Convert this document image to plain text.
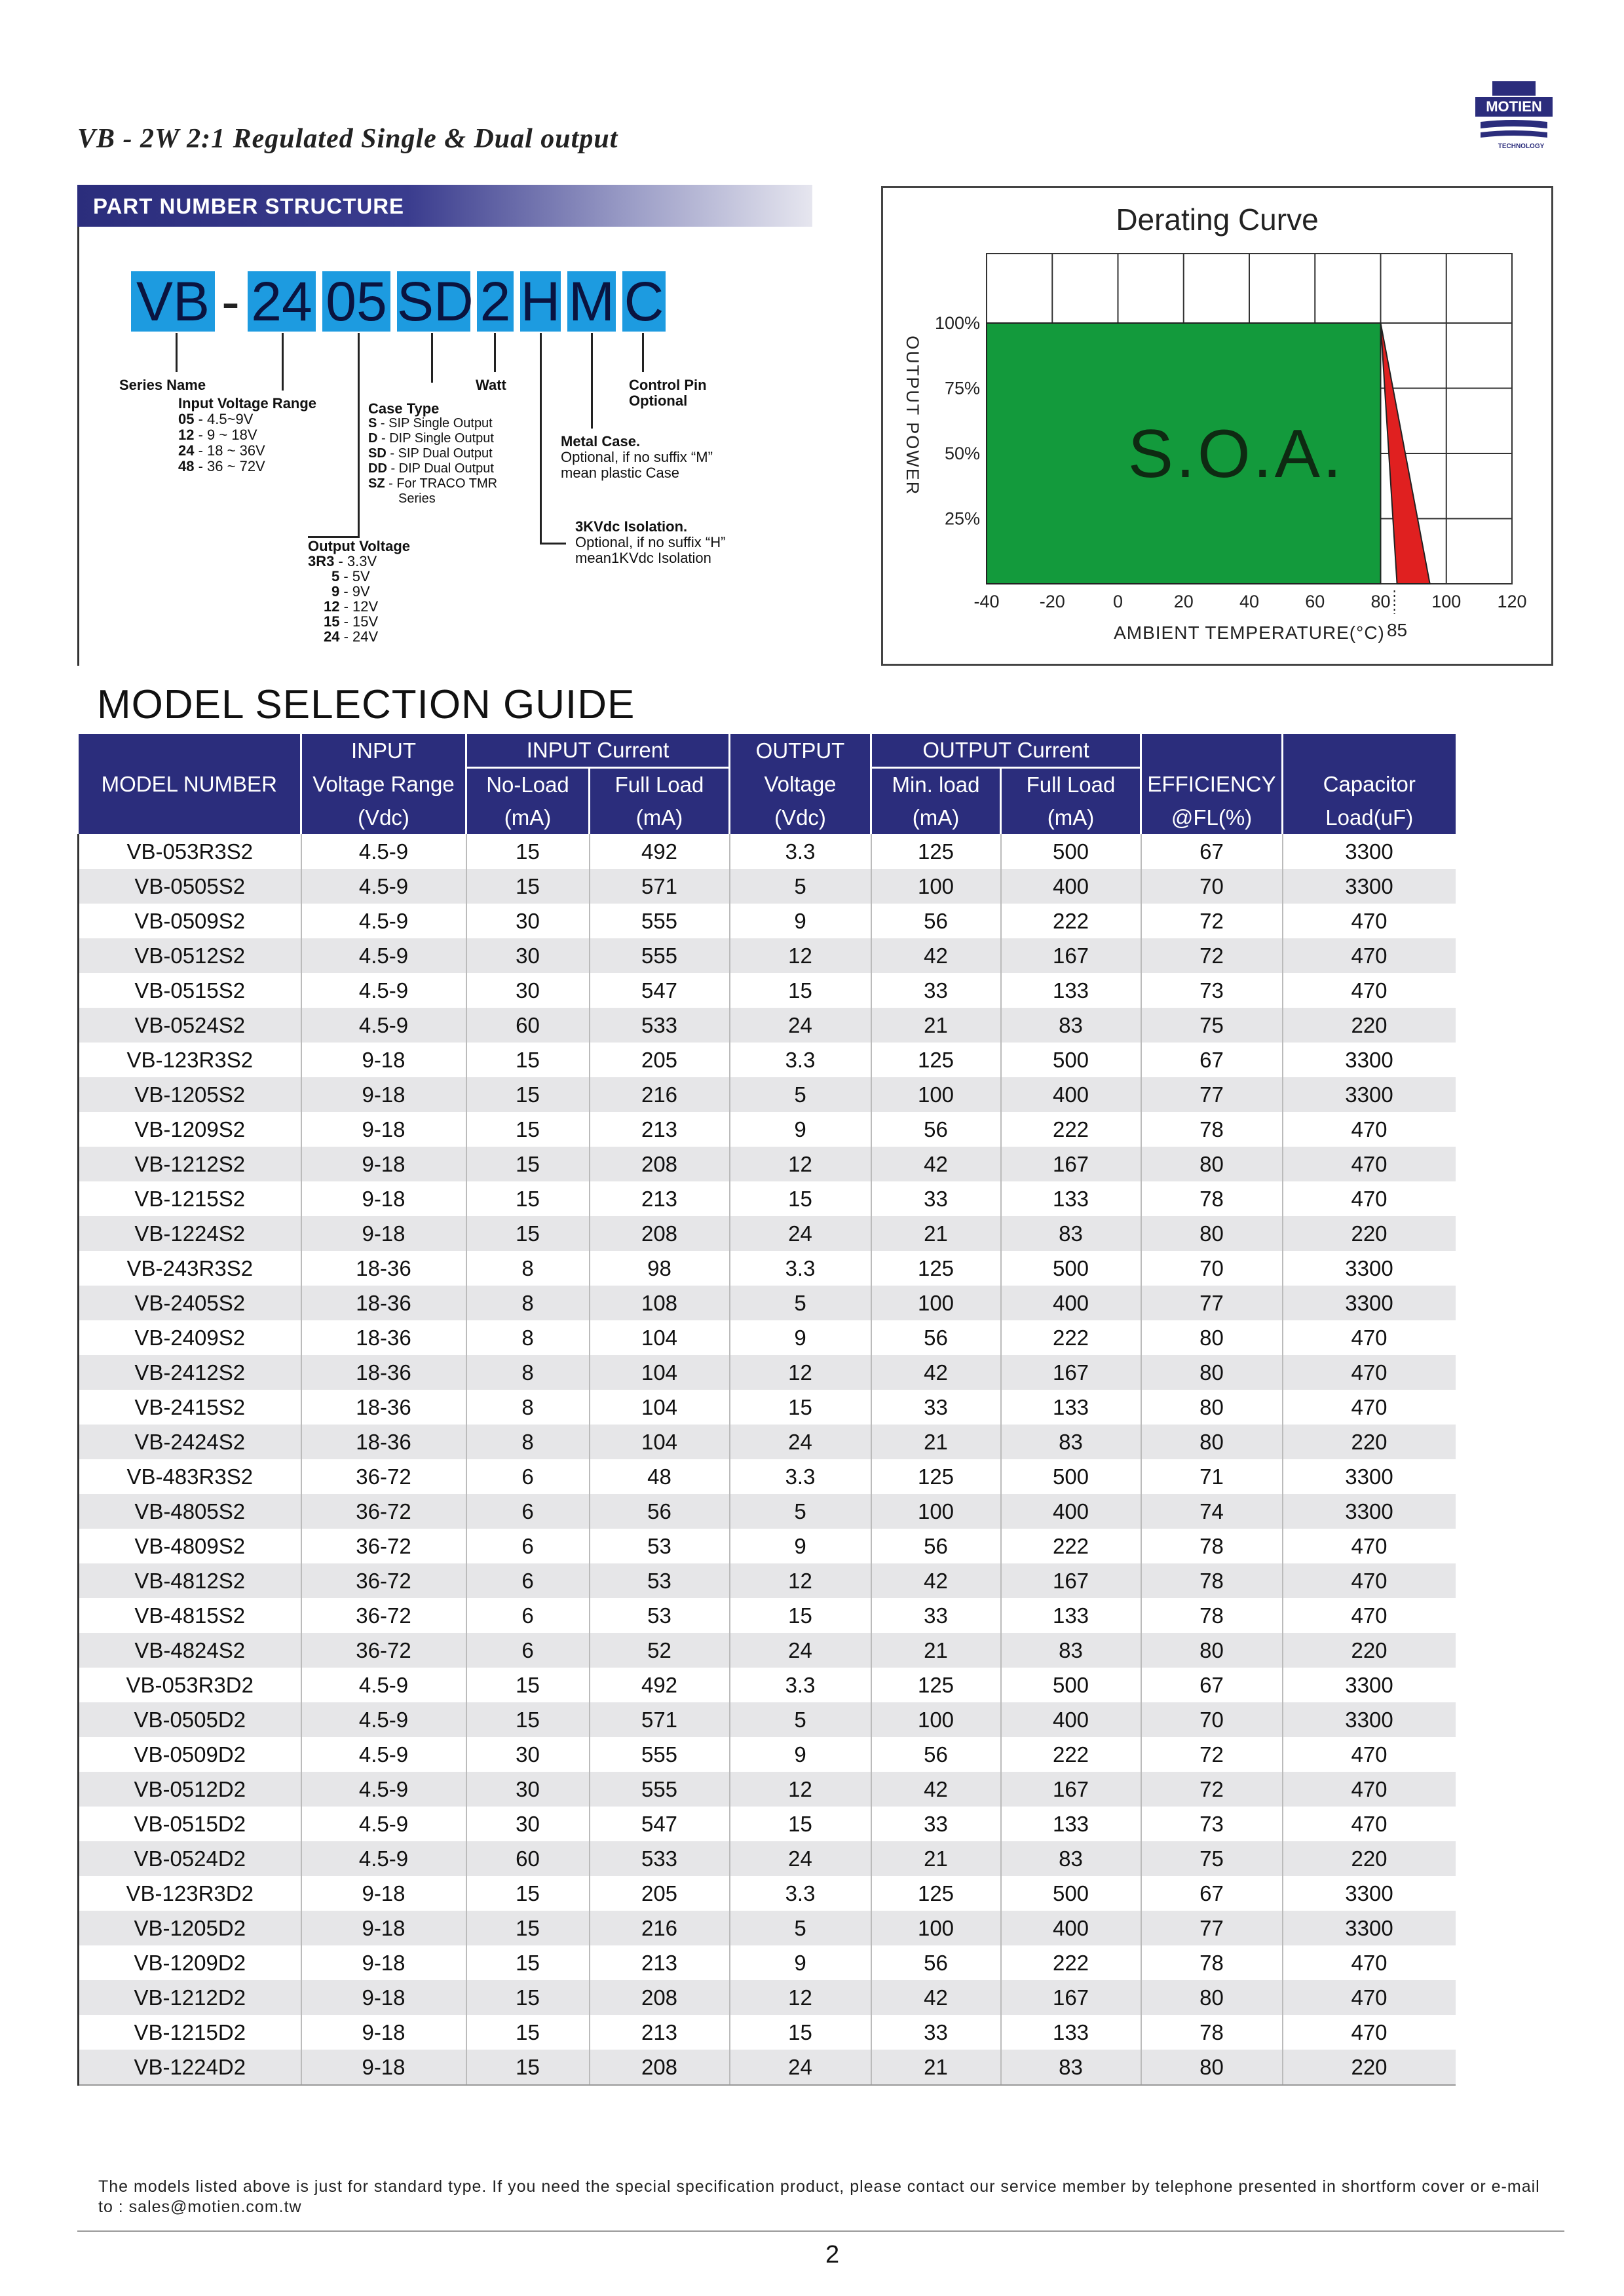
VB - 2W 2:1 Regulated Single & Dual output
MOTIEN
TECHNOLOGY
PART NUMBER STRUCTURE
VB - 24 05 SD 2 H M C
Series Name
Input Voltage Range
05 - 4.5~9V
12 - 9 ~ 18V
24 - 18 ~ 36V
48 - 36 ~ 72V
Case Type
S - SIP Single Output
D - DIP Single Output
SD - SIP Dual Output
DD - DIP Dual Output
SZ - For TRACO TMR
Series
Watt	Control Pin
Optional
Metal Case.
Optional, if no suffix “M”
mean plastic Case
3KVdc Isolation.
Optional, if no suffix “H”
mean1KVdc Isolation
Output Voltage
3R3 - 3.3V
5 - 5V
9 - 9V
12 - 12V
15 - 15V
24 - 24V
Derating Curve
-40 -20	0	20	40	60	80 100 120
25%
50%
75%
100%
S.O.A.
OUTPUT POWER
AMBIENT TEMPERATURE(°C) 85
MODEL SELECTION GUIDE
MODEL NUMBER	INPUT	INPUT Current		OUTPUT	OUTPUT Current			
	Voltage Range	No-Load	Full Load	Voltage	Min. load	Full Load	EFFICIENCY	Capacitor
	(Vdc)	(mA)	(mA)	(Vdc)	(mA)	(mA)	@FL(%)	Load(uF)
VB-053R3S2	4.5-9	15	492	3.3	125	500	67	3300
VB-0505S2	4.5-9	15	571	5	100	400	70	3300
VB-0509S2	4.5-9	30	555	9	56	222	72	470
VB-0512S2	4.5-9	30	555	12	42	167	72	470
VB-0515S2	4.5-9	30	547	15	33	133	73	470
VB-0524S2	4.5-9	60	533	24	21	83	75	220
VB-123R3S2	9-18	15	205	3.3	125	500	67	3300
VB-1205S2	9-18	15	216	5	100	400	77	3300
VB-1209S2	9-18	15	213	9	56	222	78	470
VB-1212S2	9-18	15	208	12	42	167	80	470
VB-1215S2	9-18	15	213	15	33	133	78	470
VB-1224S2	9-18	15	208	24	21	83	80	220
VB-243R3S2	18-36	8	98	3.3	125	500	70	3300
VB-2405S2	18-36	8	108	5	100	400	77	3300
VB-2409S2	18-36	8	104	9	56	222	80	470
VB-2412S2	18-36	8	104	12	42	167	80	470
VB-2415S2	18-36	8	104	15	33	133	80	470
VB-2424S2	18-36	8	104	24	21	83	80	220
VB-483R3S2	36-72	6	48	3.3	125	500	71	3300
VB-4805S2	36-72	6	56	5	100	400	74	3300
VB-4809S2	36-72	6	53	9	56	222	78	470
VB-4812S2	36-72	6	53	12	42	167	78	470
VB-4815S2	36-72	6	53	15	33	133	78	470
VB-4824S2	36-72	6	52	24	21	83	80	220
VB-053R3D2	4.5-9	15	492	3.3	125	500	67	3300
VB-0505D2	4.5-9	15	571	5	100	400	70	3300
VB-0509D2	4.5-9	30	555	9	56	222	72	470
VB-0512D2	4.5-9	30	555	12	42	167	72	470
VB-0515D2	4.5-9	30	547	15	33	133	73	470
VB-0524D2	4.5-9	60	533	24	21	83	75	220
VB-123R3D2	9-18	15	205	3.3	125	500	67	3300
VB-1205D2	9-18	15	216	5	100	400	77	3300
VB-1209D2	9-18	15	213	9	56	222	78	470
VB-1212D2	9-18	15	208	12	42	167	80	470
VB-1215D2	9-18	15	213	15	33	133	78	470
VB-1224D2	9-18	15	208	24	21	83	80	220
The models listed above is just for standard type. If you need the special specification product, please contact our service member by telephone presented in shortform cover or e-mail to : sales@motien.com.tw
2
